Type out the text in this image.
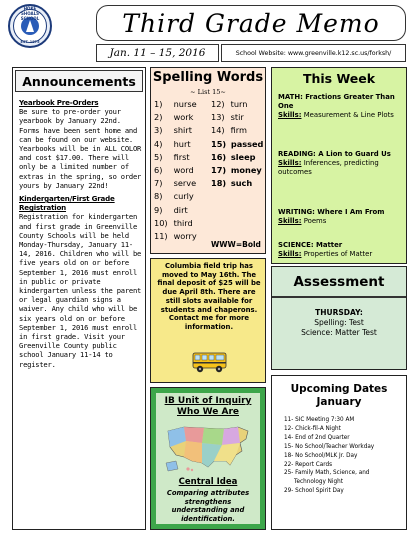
HOKE SHOALS SCHOOL
EST. 1875
Third Grade Memo
Jan. 11 – 15, 2016	School Website: www.greenville.k12.sc.us/forksh/
Announcements

Yearbook Pre-Orders
Be sure to pre-order your yearbook by January 22nd. Forms have been sent home and can be found on our website. Yearbooks will be in ALL COLOR and cost $17.00. There will only be a limited number of extras in the spring, so order yours by January 22nd!

Kindergarten/First Grade Registration
Registration for kindergarten and first grade in Greenville County Schools will be held Monday-Thursday, January 11-14, 2016. Children who will be five years old on or before September 1, 2016 must enroll in public or private kindergarten unless the parent or legal guardian signs a waiver. Any child who will be six years old on or before September 1, 2016 must enroll in first grade. Visit your Greenville County public school January 11-14 to register.

Spelling Words
~ List 15~
1) nurse
2) work
3) shirt
4) hurt
5) first
6) word
7) serve
8) curly
9) dirt
10) third
11) worry
12) turn
13) stir
14) firm
15) passed
16) sleep
17) money
18) such
WWW=Bold
Columbia field trip has moved to May 16th. The final deposit of $25 will be due April 8th. There are still slots available for students and chaperons. Contact me for more information.
This Week
MATH: Fractions Greater Than One
Skills: Measurement & Line Plots
READING: A Lion to Guard Us
Skills: Inferences, predicting outcomes
WRITING: Where I Am From
Skills: Poems
SCIENCE: Matter
Skills: Properties of Matter
Assessment
THURSDAY:
Spelling: Test
Science: Matter Test
IB Unit of Inquiry Who We Are
Central Idea
Comparing attributes strengthens understanding and identification.
Upcoming Dates
January
11- SIC Meeting 7:30 AM
12- Chick-fil-A Night
14- End of 2nd Quarter
15- No School/Teacher Workday
18- No School/MLK Jr. Day
22- Report Cards
25- Family Math, Science, and
Technology Night
29- School Spirit Day
